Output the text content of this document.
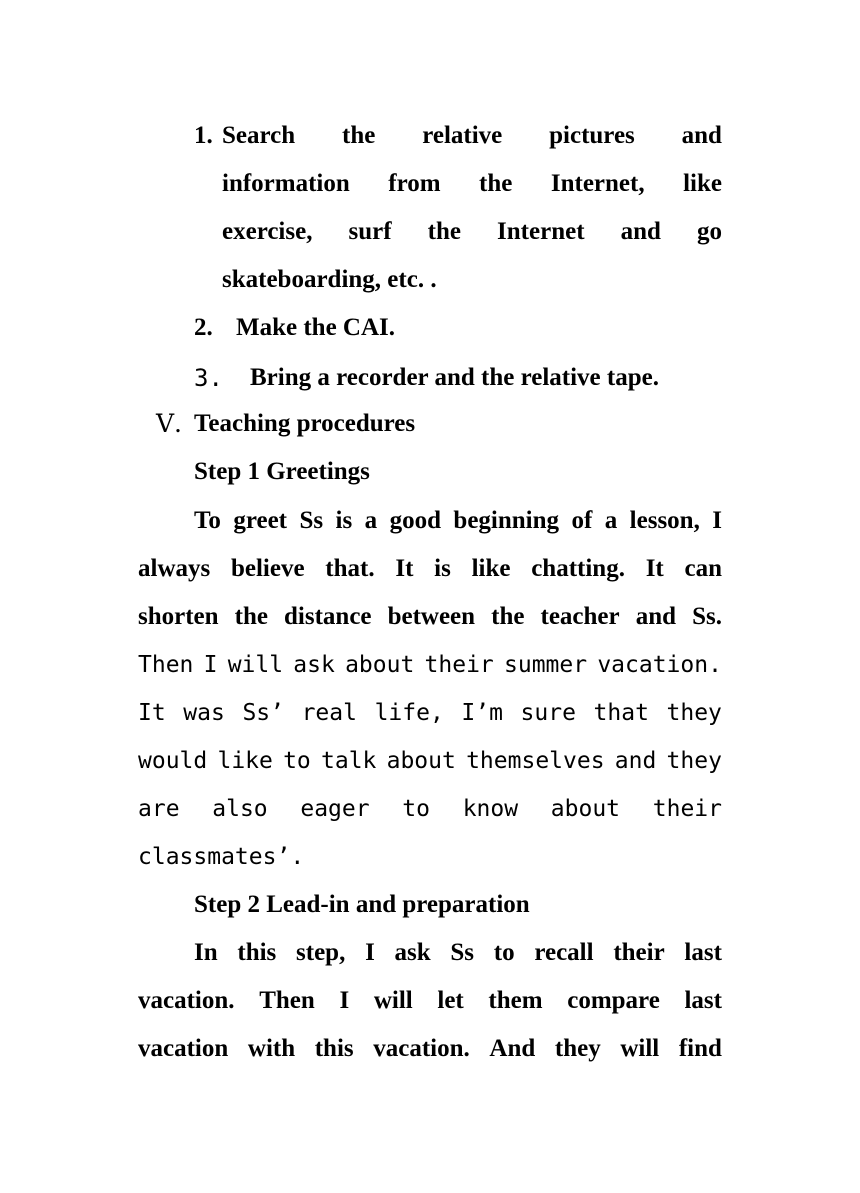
1. Search the relative pictures and
information from the Internet, like
exercise, surf the Internet and go
skateboarding, etc. .
2. Make the CAI.
3. Bring a recorder and the relative tape.
Ⅴ. Teaching procedures
Step 1 Greetings
To greet Ss is a good beginning of a lesson, I
always believe that. It is like chatting. It can
shorten the distance between the teacher and Ss.
Then I will ask about their summer vacation.
It was Ss’ real life, I’m sure that they
would like to talk about themselves and they
are also eager to know about their
classmates’.
Step 2 Lead-in and preparation
In this step, I ask Ss to recall their last
vacation. Then I will let them compare last
vacation with this vacation. And they will find
